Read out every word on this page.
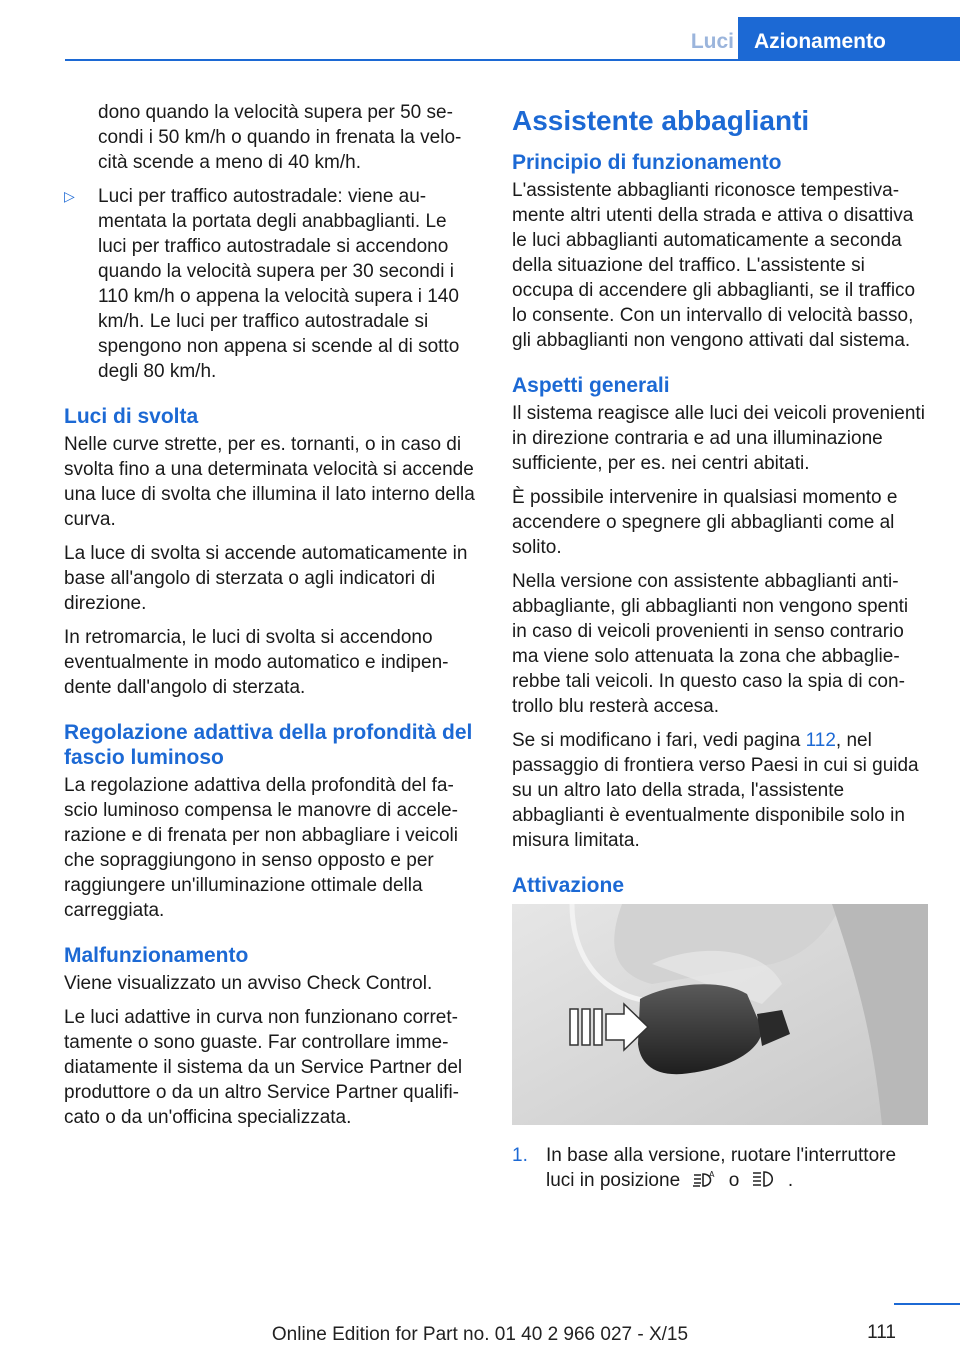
Luci Azionamento

dono quando la velocità supera per 50 secondi i 50 km/h o quando in frenata la velocità scende a meno di 40 km/h.

▷	Luci per traffico autostradale: viene aumentata la portata degli anabbaglianti. Le luci per traffico autostradale si accendono quando la velocità supera per 30 secondi i 110 km/h o appena la velocità supera i 140 km/h. Le luci per traffico autostradale si spengono non appena si scende al di sotto degli 80 km/h.
Luci di svolta

Nelle curve strette, per es. tornanti, o in caso di svolta fino a una determinata velocità si accende una luce di svolta che illumina il lato interno della curva.

La luce di svolta si accende automaticamente in base all'angolo di sterzata o agli indicatori di direzione.

In retromarcia, le luci di svolta si accendono eventualmente in modo automatico e indipendente dall'angolo di sterzata.

Regolazione adattiva della profondità del fascio luminoso

La regolazione adattiva della profondità del fascio luminoso compensa le manovre di accelerazione e di frenata per non abbagliare i veicoli che sopraggiungono in senso opposto e per raggiungere un'illuminazione ottimale della carreggiata.

Malfunzionamento

Viene visualizzato un avviso Check Control.

Le luci adattive in curva non funzionano correttamente o sono guaste. Far controllare immediatamente il sistema da un Service Partner del produttore o da un altro Service Partner qualificato o da un'officina specializzata.

Assistente abbaglianti
Principio di funzionamento

L'assistente abbaglianti riconosce tempestivamente altri utenti della strada e attiva o disattiva le luci abbaglianti automaticamente a seconda della situazione del traffico. L'assistente si occupa di accendere gli abbaglianti, se il traffico lo consente. Con un intervallo di velocità basso, gli abbaglianti non vengono attivati dal sistema.

Aspetti generali

Il sistema reagisce alle luci dei veicoli provenienti in direzione contraria e ad una illuminazione sufficiente, per es. nei centri abitati.

È possibile intervenire in qualsiasi momento e accendere o spegnere gli abbaglianti come al solito.

Nella versione con assistente abbaglianti antiabbagliante, gli abbaglianti non vengono spenti in caso di veicoli provenienti in senso contrario ma viene solo attenuata la zona che abbaglierebbe tali veicoli. In questo caso la spia di controllo blu resterà accesa.

Se si modificano i fari, vedi pagina 112, nel passaggio di frontiera verso Paesi in cui si guida su un altro lato della strada, l'assistente abbaglianti è eventualmente disponibile solo in misura limitata.

Attivazione
1. In base alla versione, ruotare l'interruttore luci in posizione	A o  .
111
Online Edition for Part no. 01 40 2 966 027 - X/15
